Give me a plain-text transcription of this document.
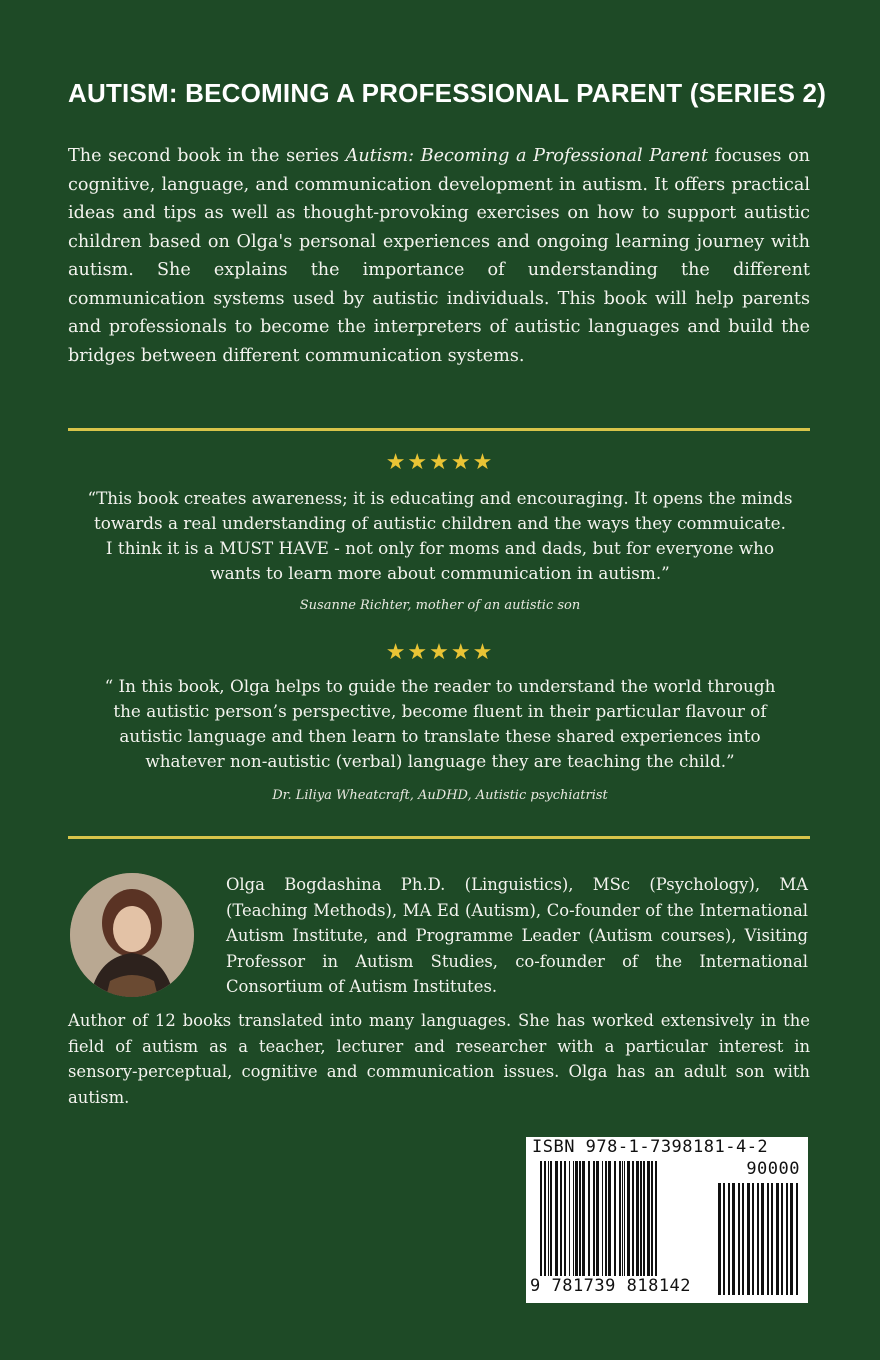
AUTISM: BECOMING A PROFESSIONAL PARENT (SERIES 2)

The second book in the series Autism: Becoming a Professional Parent focuses on cognitive, language, and communication development in autism. It offers practical ideas and tips as well as thought-provoking exercises on how to support autistic children based on Olga's personal experiences and ongoing learning journey with autism. She explains the importance of understanding the different communication systems used by autistic individuals. This book will help parents and professionals to become the interpreters of autistic languages and build the bridges between different communication systems.

★★★★★

“This book creates awareness; it is educating and encouraging. It opens the minds
towards a real understanding of autistic children and the ways they commuicate.
I think it is a MUST HAVE - not only for moms and dads, but for everyone who
wants to learn more about communication in autism.”

Susanne Richter, mother of an autistic son

★★★★★

“ In this book, Olga helps to guide the reader to understand the world through
the autistic person’s perspective, become fluent in their particular flavour of
autistic language and then learn to translate these shared experiences into
whatever non-autistic (verbal) language they are teaching the child.”

Dr. Liliya Wheatcraft, AuDHD, Autistic psychiatrist

Olga Bogdashina Ph.D. (Linguistics), MSc (Psychology), MA (Teaching Methods), MA Ed (Autism), Co-founder of the International Autism Institute, and Programme Leader (Autism courses), Visiting Professor in Autism Studies, co-founder of the International Consortium of Autism Institutes.

Author of 12 books translated into many languages. She has worked extensively in the field of autism as a teacher, lecturer and researcher with a particular interest in sensory-perceptual, cognitive and communication issues. Olga has an adult son with autism.

ISBN 978-1-7398181-4-2
90000
9 781739 818142
